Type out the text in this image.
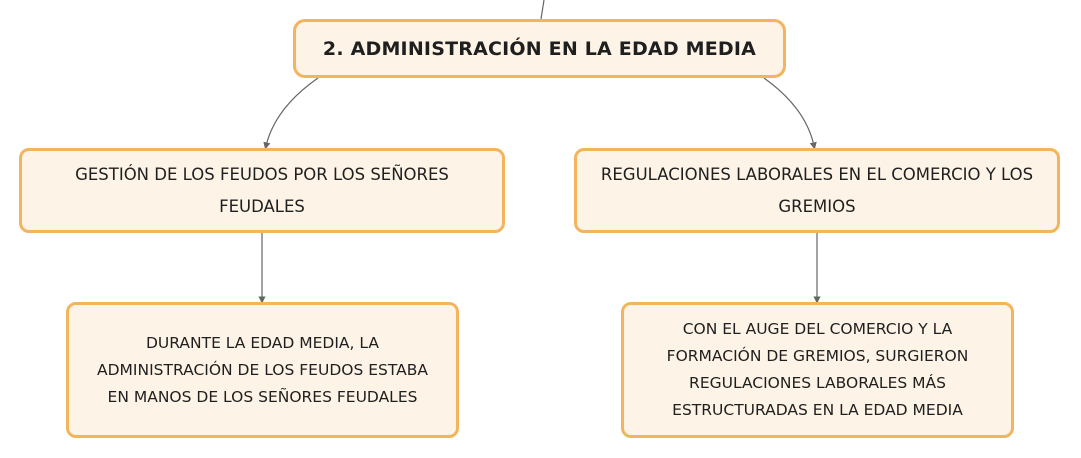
2. ADMINISTRACIÓN EN LA EDAD MEDIA
GESTIÓN DE LOS FEUDOS POR LOS SEÑORES FEUDALES
REGULACIONES LABORALES EN EL COMERCIO Y LOS GREMIOS
DURANTE LA EDAD MEDIA, LA ADMINISTRACIÓN DE LOS FEUDOS ESTABA EN MANOS DE LOS SEÑORES FEUDALES
CON EL AUGE DEL COMERCIO Y LA FORMACIÓN DE GREMIOS, SURGIERON REGULACIONES LABORALES MÁS ESTRUCTURADAS EN LA EDAD MEDIA
